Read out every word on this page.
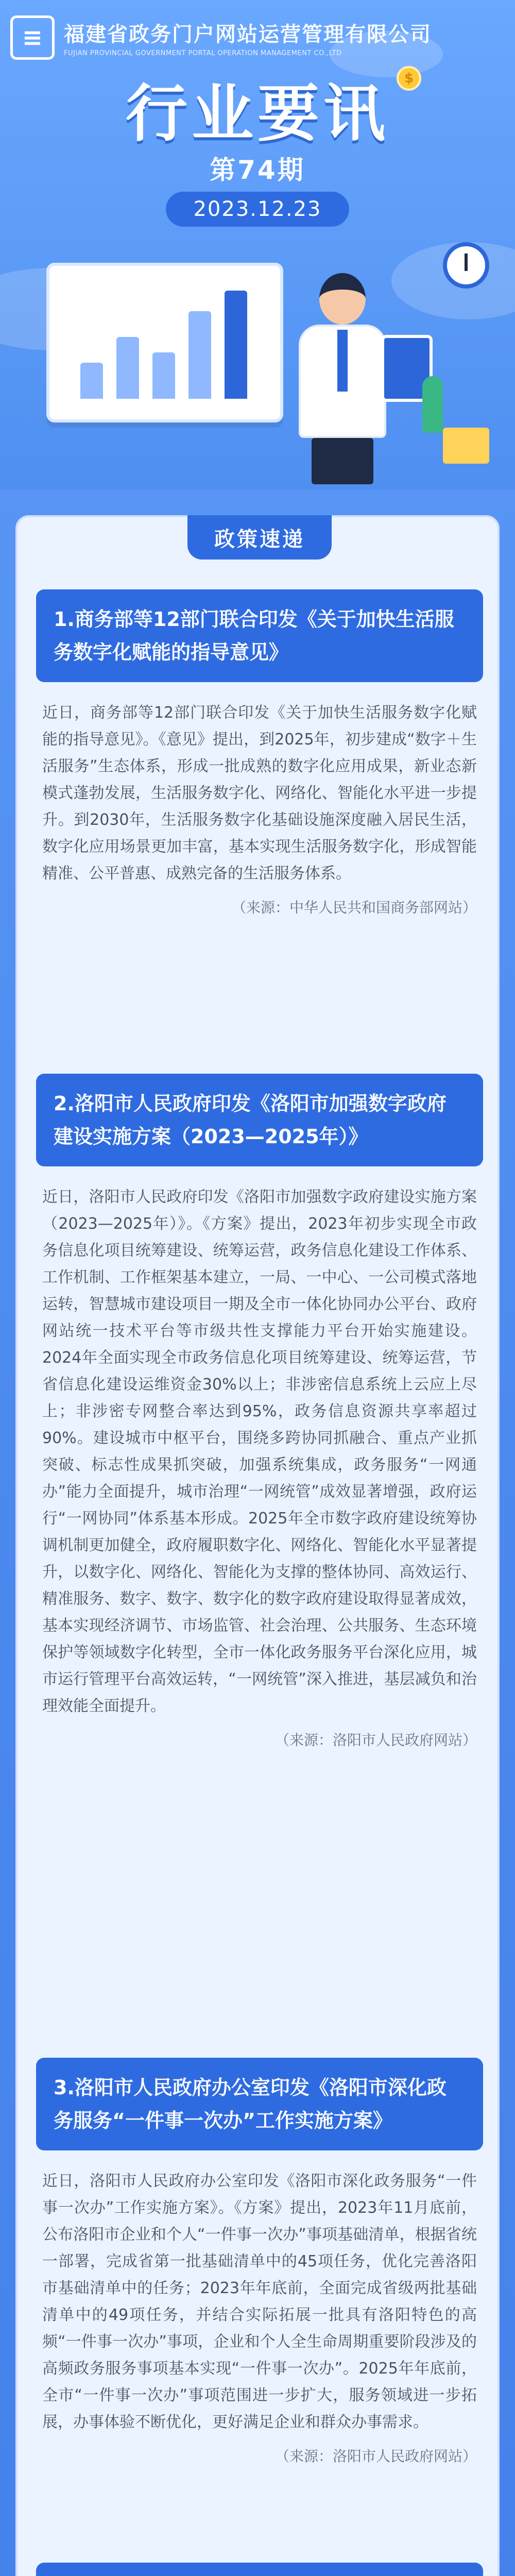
≡	福建省政务门户网站运营管理有限公司
FUJIAN PROVINCIAL GOVERNMENT PORTAL OPERATION MANAGEMENT CO.,LTD
行业要讯	$
第74期
2023.12.23
政策速递
1.商务部等12部门联合印发《关于加快生活服务数字化赋能的指导意见》
近日，商务部等12部门联合印发《关于加快生活服务数字化赋能的指导意见》。《意见》提出，到2025年，初步建成“数字＋生活服务”生态体系，形成一批成熟的数字化应用成果，新业态新模式蓬勃发展，生活服务数字化、网络化、智能化水平进一步提升。到2030年，生活服务数字化基础设施深度融入居民生活，数字化应用场景更加丰富，基本实现生活服务数字化，形成智能精准、公平普惠、成熟完备的生活服务体系。
（来源：中华人民共和国商务部网站）
2.洛阳市人民政府印发《洛阳市加强数字政府建设实施方案（2023—2025年）》
近日，洛阳市人民政府印发《洛阳市加强数字政府建设实施方案（2023—2025年）》。《方案》提出，2023年初步实现全市政务信息化项目统筹建设、统筹运营，政务信息化建设工作体系、工作机制、工作框架基本建立，一局、一中心、一公司模式落地运转，智慧城市建设项目一期及全市一体化协同办公平台、政府网站统一技术平台等市级共性支撑能力平台开始实施建设。2024年全面实现全市政务信息化项目统筹建设、统筹运营，节省信息化建设运维资金30%以上；非涉密信息系统上云应上尽上；非涉密专网整合率达到95%，政务信息资源共享率超过90%。建设城市中枢平台，围绕多跨协同抓融合、重点产业抓突破、标志性成果抓突破，加强系统集成，政务服务“一网通办”能力全面提升，城市治理“一网统管”成效显著增强，政府运行“一网协同”体系基本形成。2025年全市数字政府建设统筹协调机制更加健全，政府履职数字化、网络化、智能化水平显著提升，以数字化、网络化、智能化为支撑的整体协同、高效运行、精准服务、数字、数字、数字化的数字政府建设取得显著成效，基本实现经济调节、市场监管、社会治理、公共服务、生态环境保护等领域数字化转型，全市一体化政务服务平台深化应用，城市运行管理平台高效运转，“一网统管”深入推进，基层减负和治理效能全面提升。
（来源：洛阳市人民政府网站）
3.洛阳市人民政府办公室印发《洛阳市深化政务服务“一件事一次办”工作实施方案》
近日，洛阳市人民政府办公室印发《洛阳市深化政务服务“一件事一次办”工作实施方案》。《方案》提出，2023年11月底前，公布洛阳市企业和个人“一件事一次办”事项基础清单，根据省统一部署，完成省第一批基础清单中的45项任务，优化完善洛阳市基础清单中的任务；2023年年底前，全面完成省级两批基础清单中的49项任务，并结合实际拓展一批具有洛阳特色的高频“一件事一次办”事项，企业和个人全生命周期重要阶段涉及的高频政务服务事项基本实现“一件事一次办”。2025年年底前，全市“一件事一次办”事项范围进一步扩大，服务领域进一步拓展，办事体验不断优化，更好满足企业和群众办事需求。
（来源：洛阳市人民政府网站）
